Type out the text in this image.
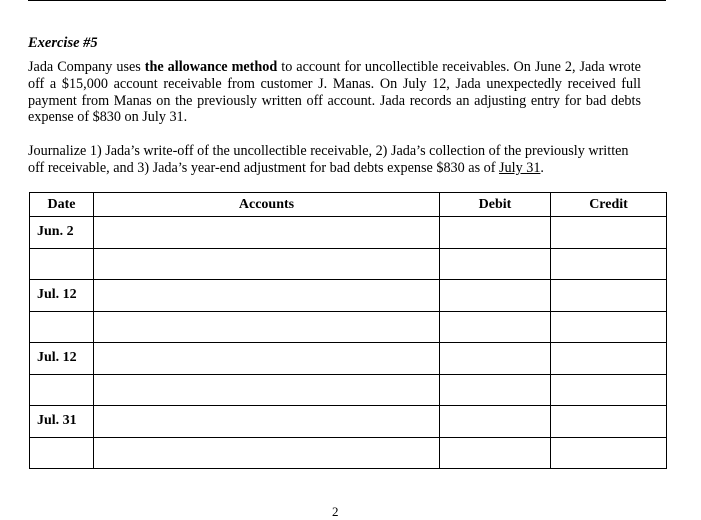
Exercise #5
Jada Company uses the allowance method to account for uncollectible receivables. On June 2, Jada wrote off a $15,000 account receivable from customer J. Manas. On July 12, Jada unexpectedly received full payment from Manas on the previously written off account. Jada records an adjusting entry for bad debts expense of $830 on July 31.
Journalize 1) Jada’s write-off of the uncollectible receivable, 2) Jada’s collection of the previously written off receivable, and 3) Jada’s year-end adjustment for bad debts expense $830 as of July 31.
Date	Accounts	Debit	Credit
Jun. 2			

Jul. 12			

Jul. 12			

Jul. 31			

2
